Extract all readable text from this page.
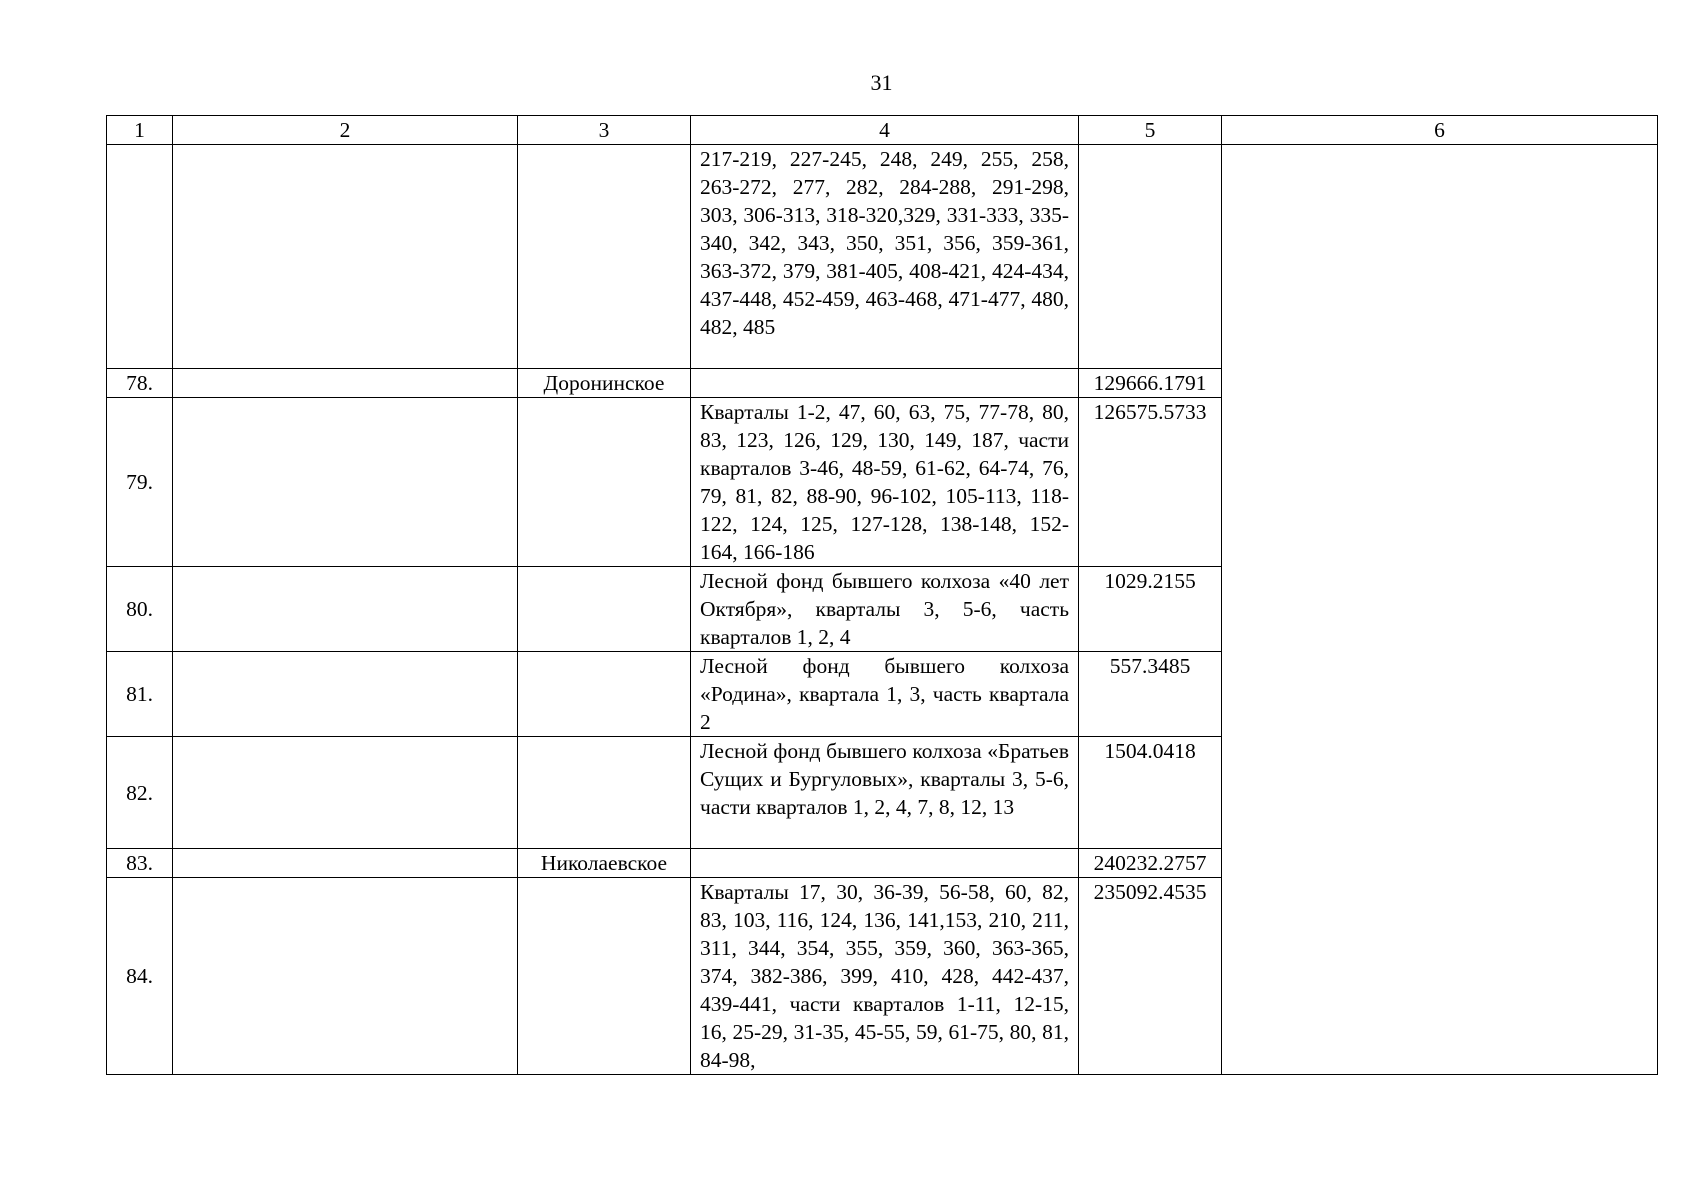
31
1	2	3	4	5	6
			217-219, 227-245, 248, 249, 255, 258, 263-272, 277, 282, 284-288, 291-298, 303, 306-313, 318-320,329, 331-333, 335-340, 342, 343, 350, 351, 356, 359-361, 363-372, 379, 381-405, 408-421, 424-434, 437-448, 452-459, 463-468, 471-477, 480, 482, 485		
78.		Доронинское		129666.1791	
79.			Кварталы 1-2, 47, 60, 63, 75, 77-78, 80, 83, 123, 126, 129, 130, 149, 187, части кварталов 3-46, 48-59, 61-62, 64-74, 76, 79, 81, 82, 88-90, 96-102, 105-113, 118-122, 124, 125, 127-128, 138-148, 152-164, 166-186	126575.5733	
80.			Лесной фонд бывшего колхоза «40 лет Октября», кварталы 3, 5-6, часть кварталов 1, 2, 4	1029.2155	
81.			Лесной фонд бывшего колхоза «Родина», квартала 1, 3, часть квартала 2	557.3485	
82.			Лесной фонд бывшего колхоза «Братьев Сущих и Бургуловых», кварталы 3, 5-6, части кварталов 1, 2, 4, 7, 8, 12, 13	1504.0418	
83.		Николаевское		240232.2757	
84.			Кварталы 17, 30, 36-39, 56-58, 60, 82, 83, 103, 116, 124, 136, 141,153, 210, 211, 311, 344, 354, 355, 359, 360, 363-365, 374, 382-386, 399, 410, 428, 442-437, 439-441, части кварталов 1-11, 12-15, 16, 25-29, 31-35, 45-55, 59, 61-75, 80, 81, 84-98,	235092.4535	
